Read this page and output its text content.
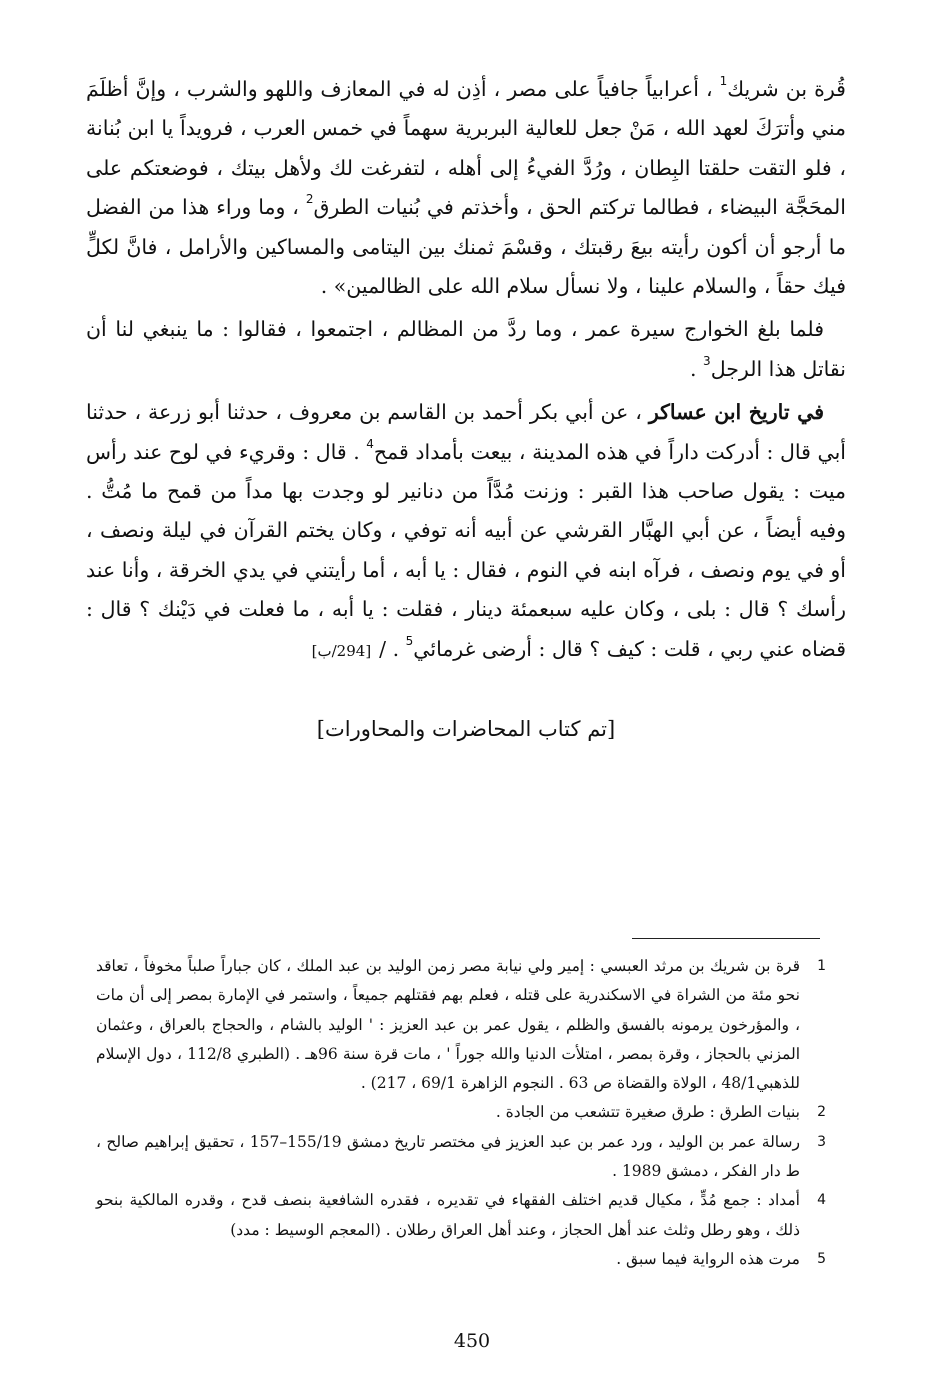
قُرة بن شريك$^1$ ، أعرابياً جافياً على مصر ، أذِن له في المعازف واللهو والشرب ، وإنَّ أظلَمَ مني وأترَكَ لعهد الله ، مَنْ جعل للعالية البربرية سهماً في خمس العرب ، فرويداً يا ابن بُنانة ، فلو التقت حلقتا البِطان ، ورُدَّ الفيءُ إلى أهله ، لتفرغت لك ولأهل بيتك ، فوضعتكم على المحَجَّة البيضاء ، فطالما تركتم الحق ، وأخذتم في بُنيات الطرق$^2$ ، وما وراء هذا من الفضل ما أرجو أن أكون رأيته بيعَ رقبتك ، وقسْمَ ثمنك بين اليتامى والمساكين والأرامل ، فانَّ لكلٍّ فيك حقاً ، والسلام علينا ، ولا نسأل سلام الله على الظالمين» .

فلما بلغ الخوارج سيرة عمر ، وما ردَّ من المظالم ، اجتمعوا ، فقالوا : ما ينبغي لنا أن نقاتل هذا الرجل$^3$ .

في تاريخ ابن عساكر ، عن أبي بكر أحمد بن القاسم بن معروف ، حدثنا أبو زرعة ، حدثنا أبي قال : أدركت داراً في هذه المدينة ، بيعت بأمداد قمح$^4$ . قال : وقريء في لوح عند رأس ميت : يقول صاحب هذا القبر : وزنت مُدَّاً من دنانير لو وجدت بها مداً من قمح ما مُتُّ . وفيه أيضاً ، عن أبي الهبَّار القرشي عن أبيه أنه توفي ، وكان يختم القرآن في ليلة ونصف ، أو في يوم ونصف ، فرآه ابنه في النوم ، فقال : يا أبه ، أما رأيتني في يدي الخرقة ، وأنا عند رأسك ؟ قال : بلى ، وكان عليه سبعمئة دينار ، فقلت : يا أبه ، ما فعلت في دَيْنك ؟ قال : قضاه عني ربي ، قلت : كيف ؟ قال : أرضى غرمائي$^5$ . /[294/ب]

[تم كتاب المحاضرات والمحاورات]
1
قرة بن شريك بن مرثد العبسي : إمير ولي نيابة مصر زمن الوليد بن عبد الملك ، كان جباراً صلباً مخوفاً ، تعاقد نحو مئة من الشراة في الاسكندرية على قتله ، فعلم بهم فقتلهم جميعاً ، واستمر في الإمارة بمصر إلى أن مات ، والمؤرخون يرمونه بالفسق والظلم ، يقول عمر بن عبد العزيز : ' الوليد بالشام ، والحجاج بالعراق ، وعثمان المزني بالحجاز ، وقرة بمصر ، امتلأت الدنيا والله جوراً ' ، مات قرة سنة 96هـ . (الطبري 112/8 ، دول الإسلام للذهبي48/1 ، الولاة والقضاة ص 63 . النجوم الزاهرة 69/1 ، 217) .
2
بنيات الطرق : طرق صغيرة تتشعب من الجادة .
3
رسالة عمر بن الوليد ، ورد عمر بن عبد العزيز في مختصر تاريخ دمشق 155/19–157 ، تحقيق إبراهيم صالح ، ط دار الفكر ، دمشق 1989 .
4
أمداد : جمع مُدٍّ ، مكيال قديم اختلف الفقهاء في تقديره ، فقدره الشافعية بنصف قدح ، وقدره المالكية بنحو ذلك ، وهو رطل وثلث عند أهل الحجاز ، وعند أهل العراق رطلان . (المعجم الوسيط : مدد)
5
مرت هذه الرواية فيما سبق .
450
